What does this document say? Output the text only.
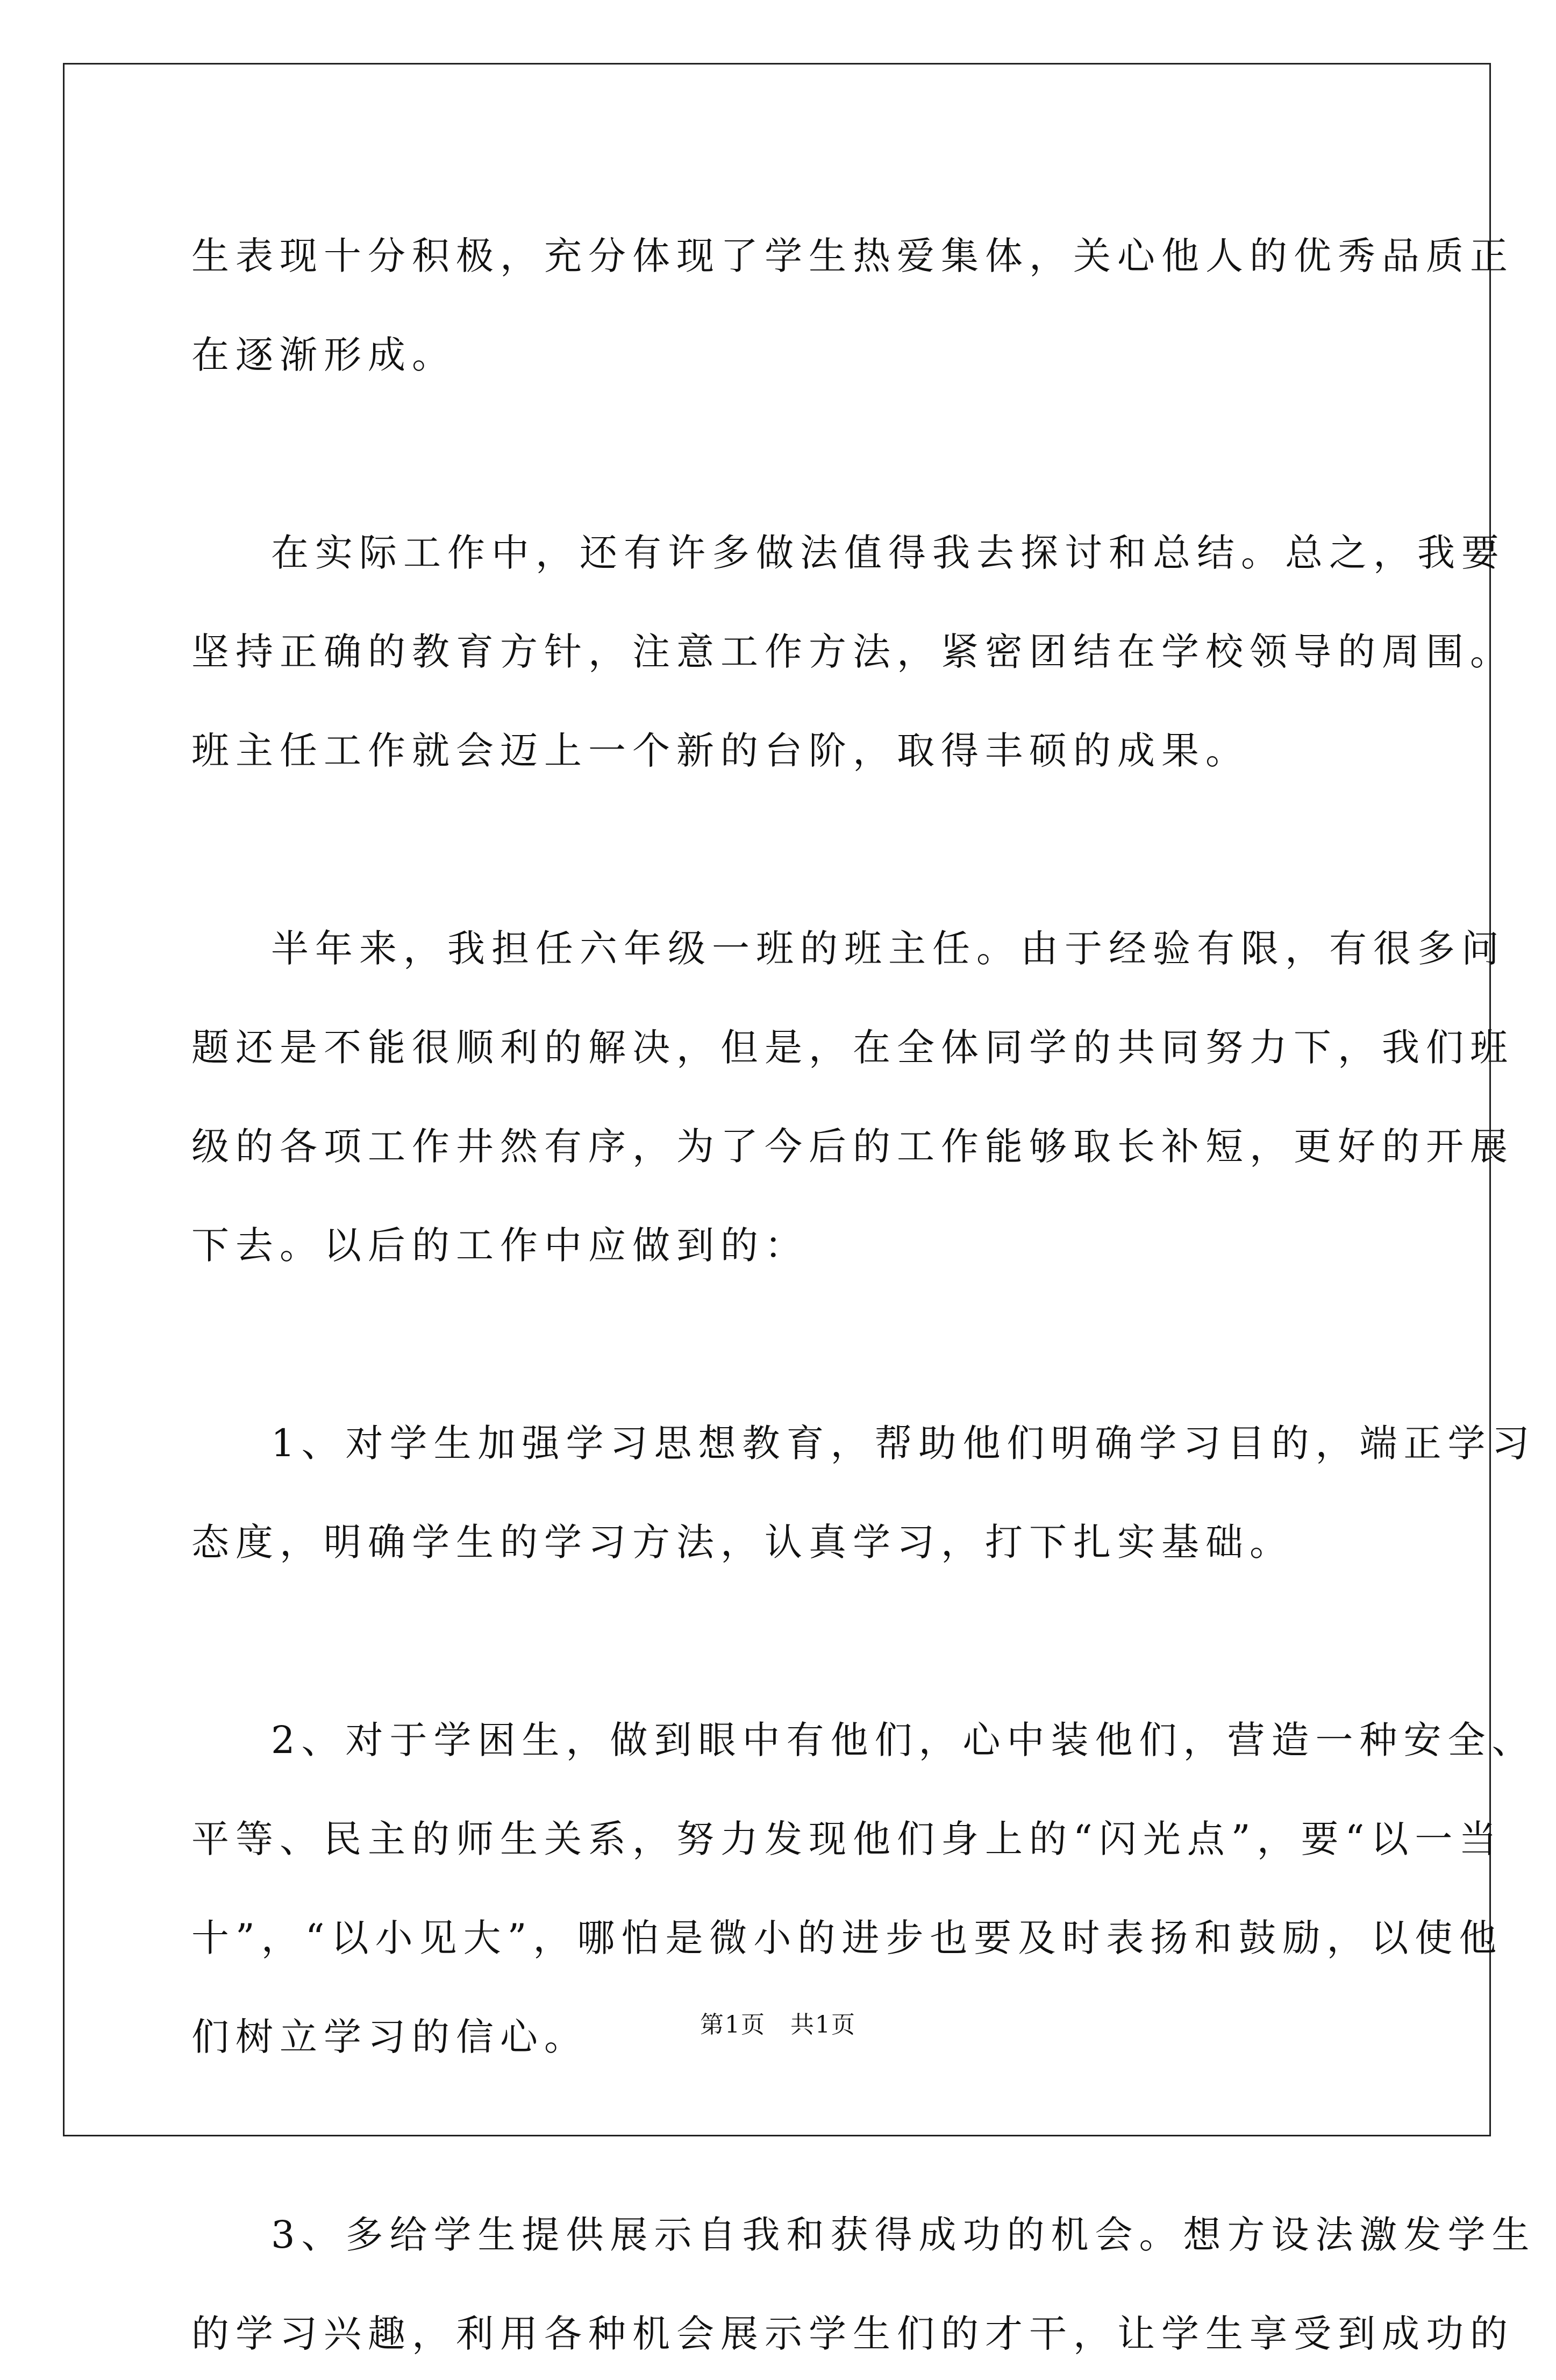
生表现十分积极，充分体现了学生热爱集体，关心他人的优秀品质正
在逐渐形成。
在实际工作中，还有许多做法值得我去探讨和总结。总之，我要
坚持正确的教育方针，注意工作方法，紧密团结在学校领导的周围。
班主任工作就会迈上一个新的台阶，取得丰硕的成果。
半年来，我担任六年级一班的班主任。由于经验有限，有很多问
题还是不能很顺利的解决，但是，在全体同学的共同努力下，我们班
级的各项工作井然有序，为了今后的工作能够取长补短，更好的开展
下去。以后的工作中应做到的：
1、对学生加强学习思想教育，帮助他们明确学习目的，端正学习
态度，明确学生的学习方法，认真学习，打下扎实基础。
2、对于学困生，做到眼中有他们，心中装他们，营造一种安全、
平等、民主的师生关系，努力发现他们身上的“闪光点”，要“以一当
十”，“以小见大”，哪怕是微小的进步也要及时表扬和鼓励，以使他
们树立学习的信心。
3、多给学生提供展示自我和获得成功的机会。想方设法激发学生
的学习兴趣，利用各种机会展示学生们的才干，让学生享受到成功的
第1页　共1页
